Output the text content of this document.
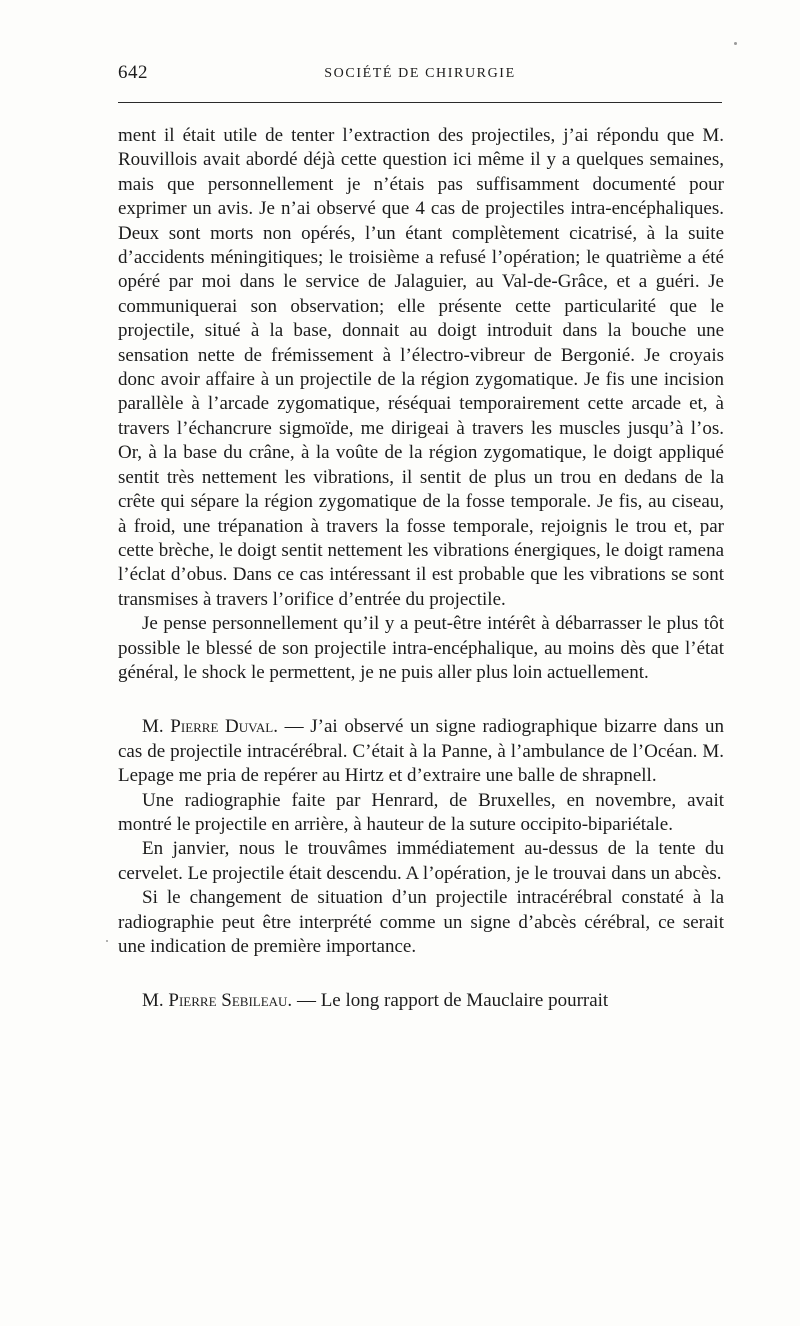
642	SOCIÉTÉ DE CHIRURGIE

ment il était utile de tenter l’extraction des projectiles, j’ai répondu que M. Rouvillois avait abordé déjà cette question ici même il y a quelques semaines, mais que personnellement je n’étais pas suffisamment documenté pour exprimer un avis. Je n’ai observé que 4 cas de projectiles intra-encéphaliques. Deux sont morts non opérés, l’un étant complètement cicatrisé, à la suite d’accidents méningitiques; le troisième a refusé l’opération; le quatrième a été opéré par moi dans le service de Jalaguier, au Val-de-Grâce, et a guéri. Je communiquerai son observation; elle présente cette particularité que le projectile, situé à la base, donnait au doigt introduit dans la bouche une sensation nette de frémissement à l’électro-vibreur de Bergonié. Je croyais donc avoir affaire à un projectile de la région zygomatique. Je fis une incision parallèle à l’arcade zygomatique, réséquai temporairement cette arcade et, à travers l’échancrure sigmoïde, me dirigeai à travers les muscles jusqu’à l’os. Or, à la base du crâne, à la voûte de la région zygomatique, le doigt appliqué sentit très nettement les vibrations, il sentit de plus un trou en dedans de la crête qui sépare la région zygomatique de la fosse temporale. Je fis, au ciseau, à froid, une trépanation à travers la fosse temporale, rejoignis le trou et, par cette brèche, le doigt sentit nettement les vibrations énergiques, le doigt ramena l’éclat d’obus. Dans ce cas intéressant il est probable que les vibrations se sont transmises à travers l’orifice d’entrée du projectile.

Je pense personnellement qu’il y a peut-être intérêt à débarrasser le plus tôt possible le blessé de son projectile intra-encéphalique, au moins dès que l’état général, le shock le permettent, je ne puis aller plus loin actuellement.

M. Pierre Duval. — J’ai observé un signe radiographique bizarre dans un cas de projectile intracérébral. C’était à la Panne, à l’ambulance de l’Océan. M. Lepage me pria de repérer au Hirtz et d’extraire une balle de shrapnell.

Une radiographie faite par Henrard, de Bruxelles, en novembre, avait montré le projectile en arrière, à hauteur de la suture occipito-bipariétale.

En janvier, nous le trouvâmes immédiatement au-dessus de la tente du cervelet. Le projectile était descendu. A l’opération, je le trouvai dans un abcès.

Si le changement de situation d’un projectile intracérébral constaté à la radiographie peut être interprété comme un signe d’abcès cérébral, ce serait une indication de première importance.

M. Pierre Sebileau. — Le long rapport de Mauclaire pourrait
